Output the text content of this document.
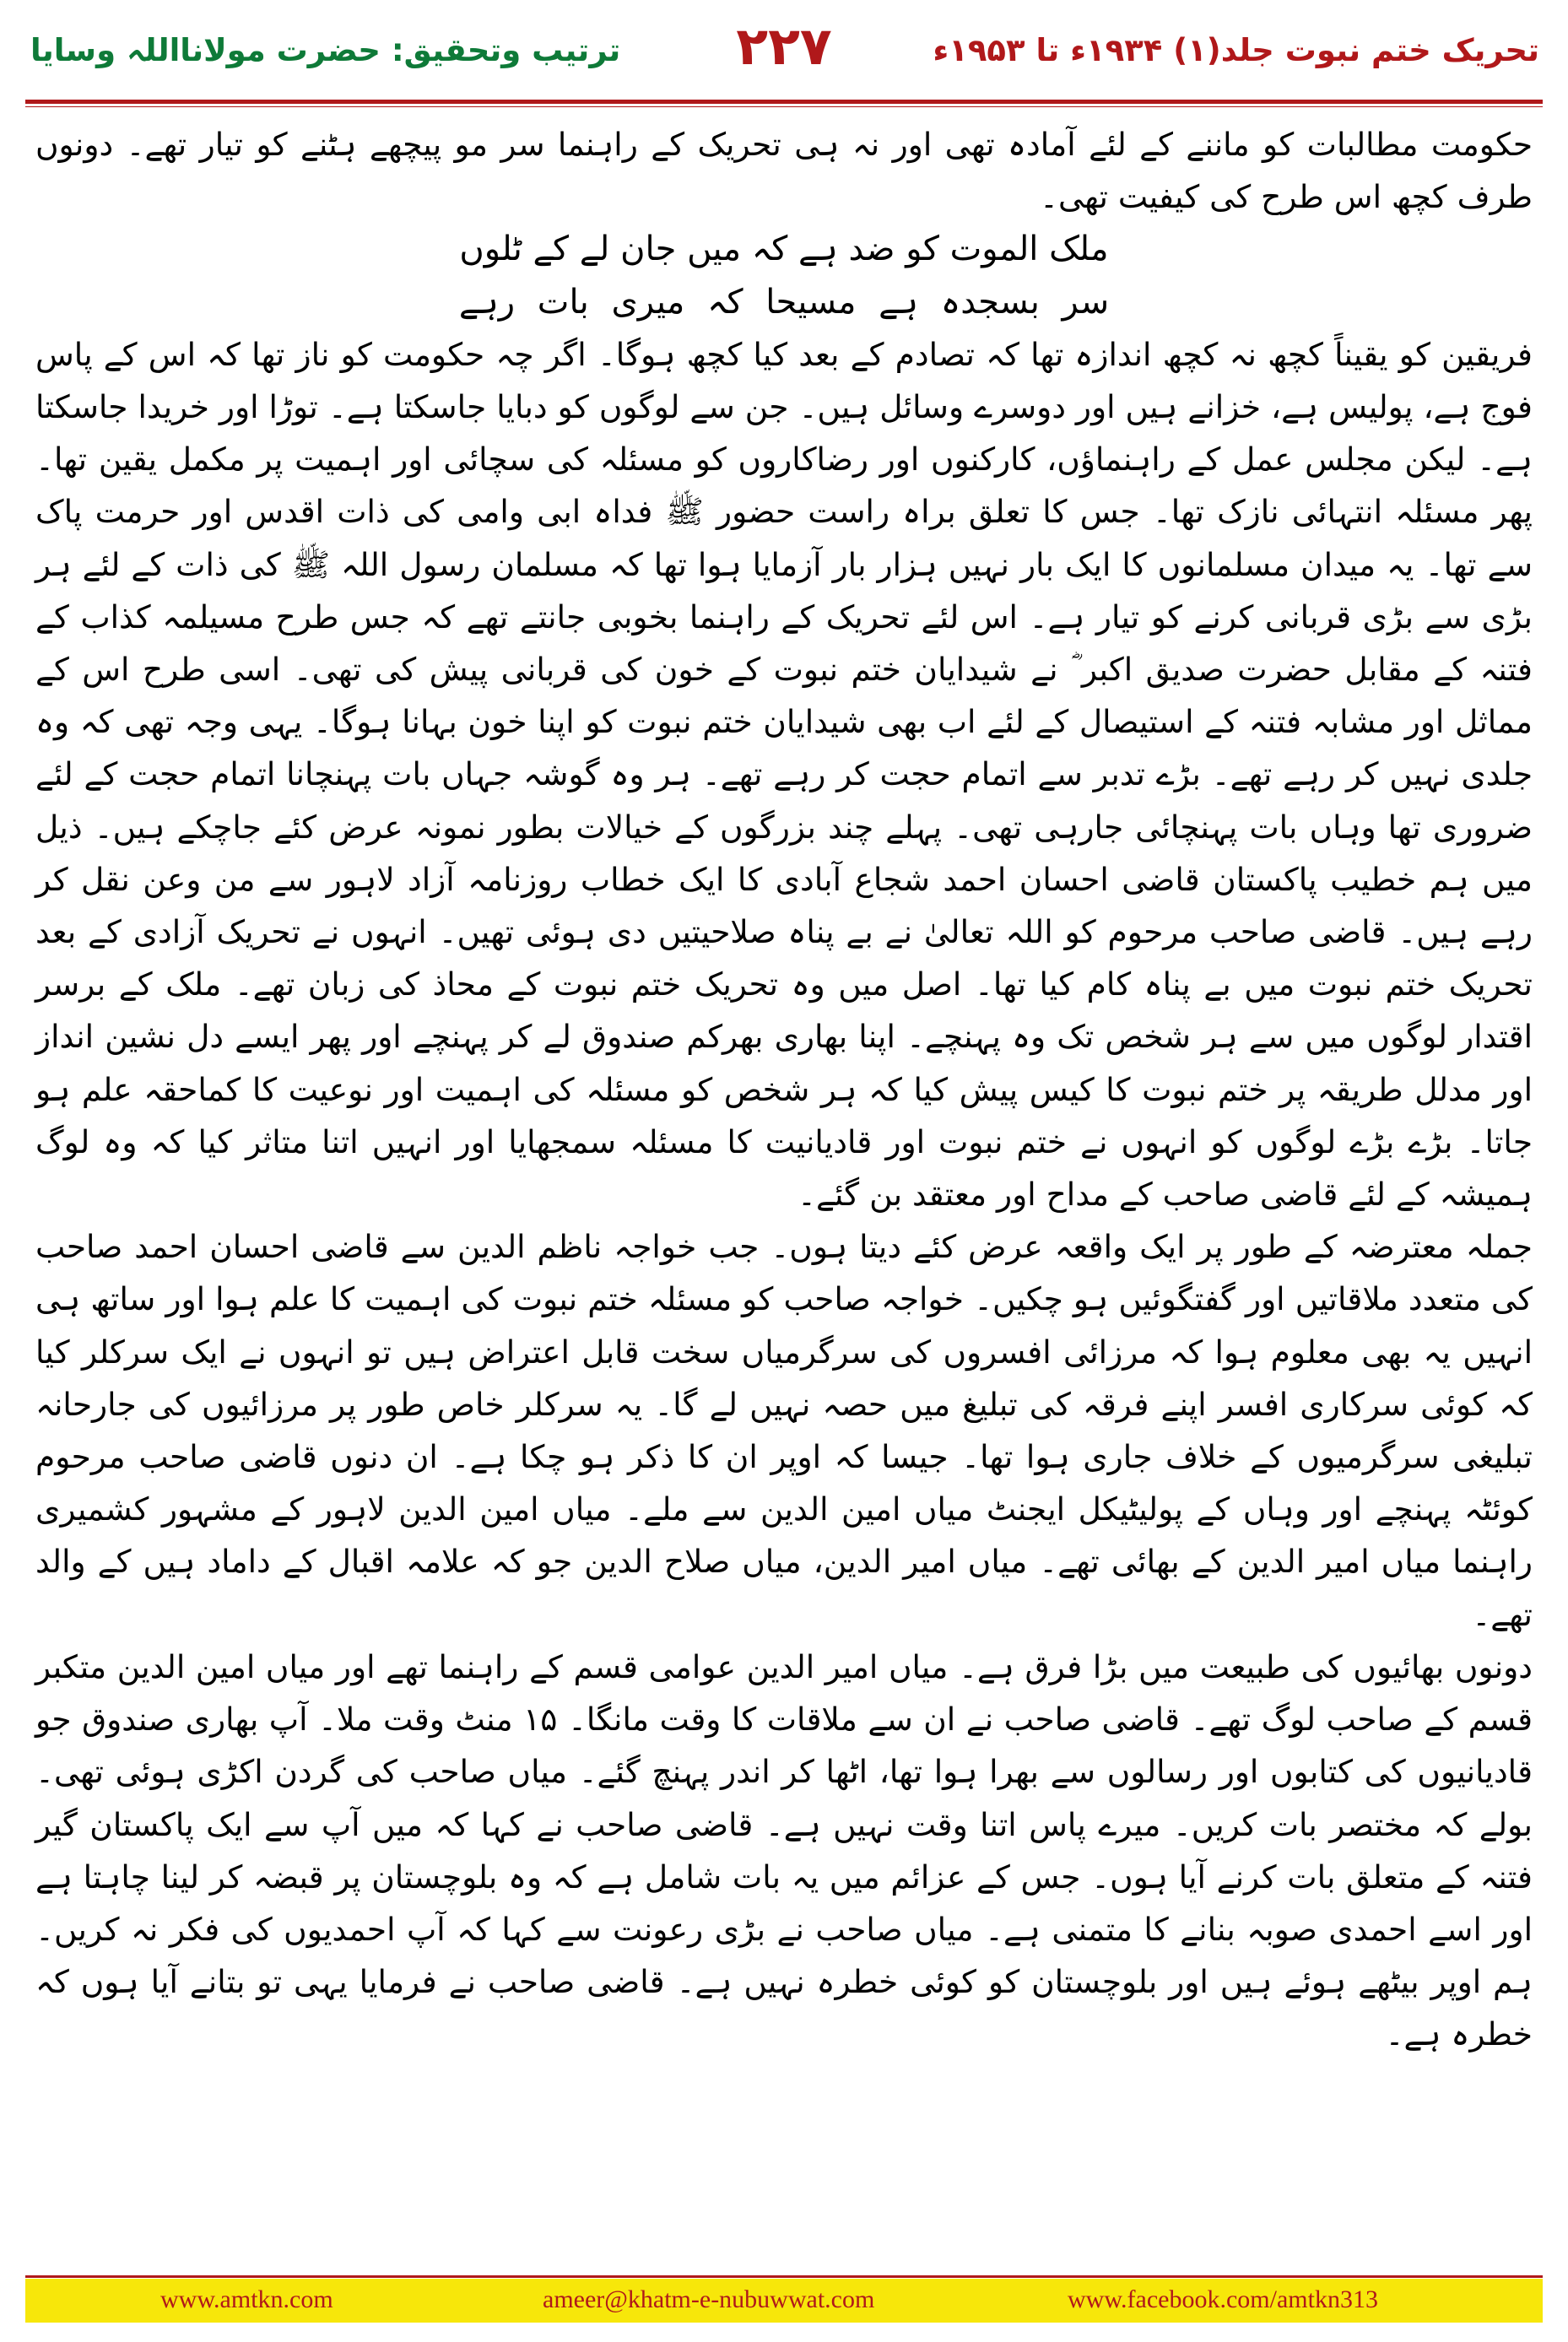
ترتیب وتحقیق: حضرت مولانااللہ وسایا ۲۲۷	تحریک ختم نبوت جلد(۱) ۱۹۳۴ء تا ۱۹۵۳ء

حکومت مطالبات کو ماننے کے لئے آمادہ تھی اور نہ ہی تحریک کے راہنما سر مو پیچھے ہٹنے کو تیار تھے۔ دونوں طرف کچھ اس طرح کی کیفیت تھی۔

ملک الموت کو ضد ہے کہ میں جان لے کے ٹلوں

سر بسجدہ ہے مسیحا کہ میری بات رہے

فریقین کو یقیناً کچھ نہ کچھ اندازہ تھا کہ تصادم کے بعد کیا کچھ ہوگا۔ اگر چہ حکومت کو ناز تھا کہ اس کے پاس فوج ہے، پولیس ہے، خزانے ہیں اور دوسرے وسائل ہیں۔ جن سے لوگوں کو دبایا جاسکتا ہے۔ توڑا اور خریدا جاسکتا ہے۔ لیکن مجلس عمل کے راہنماؤں، کارکنوں اور رضاکاروں کو مسئلہ کی سچائی اور اہمیت پر مکمل یقین تھا۔ پھر مسئلہ انتہائی نازک تھا۔ جس کا تعلق براہ راست حضور ﷺ فداہ ابی وامی کی ذات اقدس اور حرمت پاک سے تھا۔ یہ میدان مسلمانوں کا ایک بار نہیں ہزار بار آزمایا ہوا تھا کہ مسلمان رسول اللہ ﷺ کی ذات کے لئے ہر بڑی سے بڑی قربانی کرنے کو تیار ہے۔ اس لئے تحریک کے راہنما بخوبی جانتے تھے کہ جس طرح مسیلمہ کذاب کے فتنہ کے مقابل حضرت صدیق اکبر ؓ نے شیدایان ختم نبوت کے خون کی قربانی پیش کی تھی۔ اسی طرح اس کے مماثل اور مشابہ فتنہ کے استیصال کے لئے اب بھی شیدایان ختم نبوت کو اپنا خون بہانا ہوگا۔ یہی وجہ تھی کہ وہ جلدی نہیں کر رہے تھے۔ بڑے تدبر سے اتمام حجت کر رہے تھے۔ ہر وہ گوشہ جہاں بات پہنچانا اتمام حجت کے لئے ضروری تھا وہاں بات پہنچائی جارہی تھی۔ پہلے چند بزرگوں کے خیالات بطور نمونہ عرض کئے جاچکے ہیں۔ ذیل میں ہم خطیب پاکستان قاضی احسان احمد شجاع آبادی کا ایک خطاب روزنامہ آزاد لاہور سے من وعن نقل کر رہے ہیں۔ قاضی صاحب مرحوم کو اللہ تعالیٰ نے بے پناہ صلاحیتیں دی ہوئی تھیں۔ انہوں نے تحریک آزادی کے بعد تحریک ختم نبوت میں بے پناہ کام کیا تھا۔ اصل میں وہ تحریک ختم نبوت کے محاذ کی زبان تھے۔ ملک کے برسر اقتدار لوگوں میں سے ہر شخص تک وہ پہنچے۔ اپنا بھاری بھرکم صندوق لے کر پہنچے اور پھر ایسے دل نشین انداز اور مدلل طریقہ پر ختم نبوت کا کیس پیش کیا کہ ہر شخص کو مسئلہ کی اہمیت اور نوعیت کا کماحقہ علم ہو جاتا۔ بڑے بڑے لوگوں کو انہوں نے ختم نبوت اور قادیانیت کا مسئلہ سمجھایا اور انہیں اتنا متاثر کیا کہ وہ لوگ ہمیشہ کے لئے قاضی صاحب کے مداح اور معتقد بن گئے۔

جملہ معترضہ کے طور پر ایک واقعہ عرض کئے دیتا ہوں۔ جب خواجہ ناظم الدین سے قاضی احسان احمد صاحب کی متعدد ملاقاتیں اور گفتگوئیں ہو چکیں۔ خواجہ صاحب کو مسئلہ ختم نبوت کی اہمیت کا علم ہوا اور ساتھ ہی انہیں یہ بھی معلوم ہوا کہ مرزائی افسروں کی سرگرمیاں سخت قابل اعتراض ہیں تو انہوں نے ایک سرکلر کیا کہ کوئی سرکاری افسر اپنے فرقہ کی تبلیغ میں حصہ نہیں لے گا۔ یہ سرکلر خاص طور پر مرزائیوں کی جارحانہ تبلیغی سرگرمیوں کے خلاف جاری ہوا تھا۔ جیسا کہ اوپر ان کا ذکر ہو چکا ہے۔ ان دنوں قاضی صاحب مرحوم کوئٹہ پہنچے اور وہاں کے پولیٹیکل ایجنٹ میاں امین الدین سے ملے۔ میاں امین الدین لاہور کے مشہور کشمیری راہنما میاں امیر الدین کے بھائی تھے۔ میاں امیر الدین، میاں صلاح الدین جو کہ علامہ اقبال کے داماد ہیں کے والد تھے۔

دونوں بھائیوں کی طبیعت میں بڑا فرق ہے۔ میاں امیر الدین عوامی قسم کے راہنما تھے اور میاں امین الدین متکبر قسم کے صاحب لوگ تھے۔ قاضی صاحب نے ان سے ملاقات کا وقت مانگا۔ ۱۵ منٹ وقت ملا۔ آپ بھاری صندوق جو قادیانیوں کی کتابوں اور رسالوں سے بھرا ہوا تھا، اٹھا کر اندر پہنچ گئے۔ میاں صاحب کی گردن اکڑی ہوئی تھی۔ بولے کہ مختصر بات کریں۔ میرے پاس اتنا وقت نہیں ہے۔ قاضی صاحب نے کہا کہ میں آپ سے ایک پاکستان گیر فتنہ کے متعلق بات کرنے آیا ہوں۔ جس کے عزائم میں یہ بات شامل ہے کہ وہ بلوچستان پر قبضہ کر لینا چاہتا ہے اور اسے احمدی صوبہ بنانے کا متمنی ہے۔ میاں صاحب نے بڑی رعونت سے کہا کہ آپ احمدیوں کی فکر نہ کریں۔ ہم اوپر بیٹھے ہوئے ہیں اور بلوچستان کو کوئی خطرہ نہیں ہے۔ قاضی صاحب نے فرمایا یہی تو بتانے آیا ہوں کہ خطرہ ہے۔

www.amtkn.com	ameer@khatm-e-nubuwwat.com	www.facebook.com/amtkn313
